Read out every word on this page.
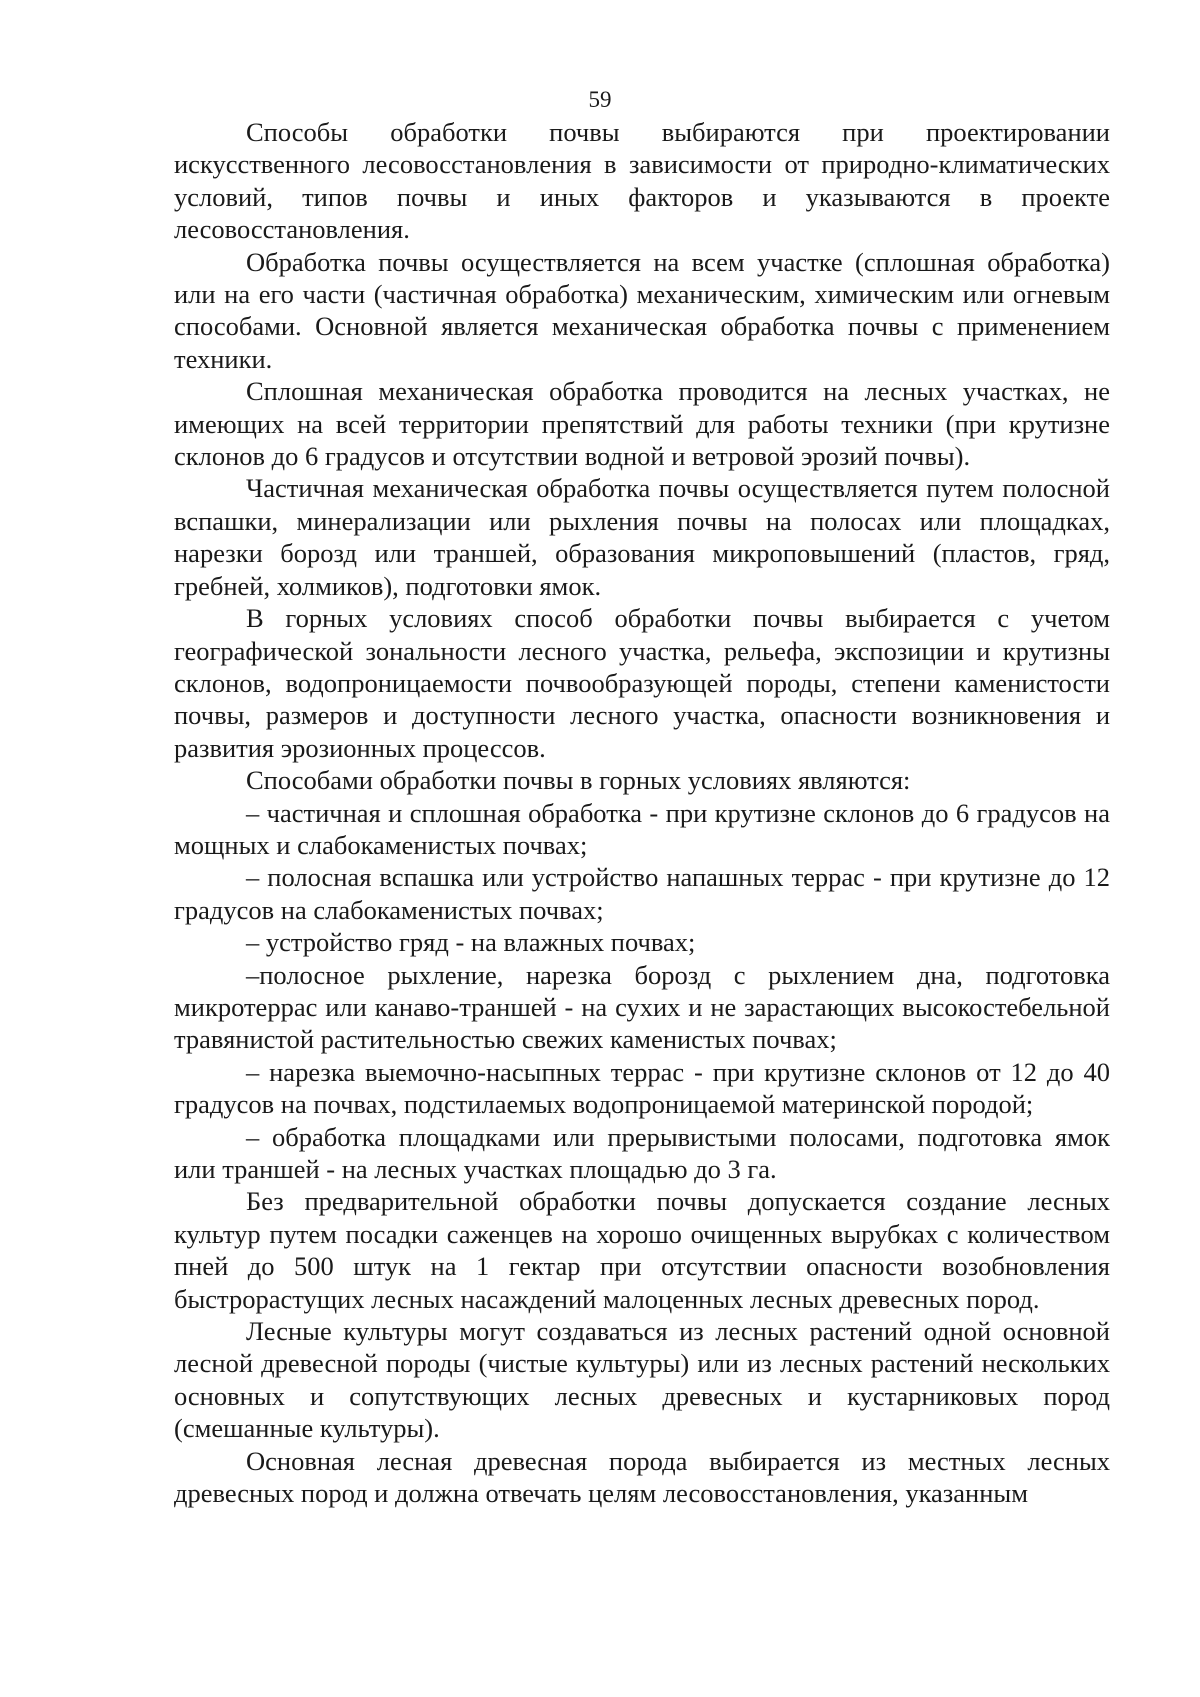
59

Способы обработки почвы выбираются при проектировании искусственного лесовосстановления в зависимости от природно-климатических условий, типов почвы и иных факторов и указываются в проекте лесовосстановления.

Обработка почвы осуществляется на всем участке (сплошная обработка) или на его части (частичная обработка) механическим, химическим или огневым способами. Основной является механическая обработка почвы с применением техники.

Сплошная механическая обработка проводится на лесных участках, не имеющих на всей территории препятствий для работы техники (при крутизне склонов до 6 градусов и отсутствии водной и ветровой эрозий почвы).

Частичная механическая обработка почвы осуществляется путем полосной вспашки, минерализации или рыхления почвы на полосах или площадках, нарезки борозд или траншей, образования микроповышений (пластов, гряд, гребней, холмиков), подготовки ямок.

В горных условиях способ обработки почвы выбирается с учетом географической зональности лесного участка, рельефа, экспозиции и крутизны склонов, водопроницаемости почвообразующей породы, степени каменистости почвы, размеров и доступности лесного участка, опасности возникновения и развития эрозионных процессов.

Способами обработки почвы в горных условиях являются:

– частичная и сплошная обработка - при крутизне склонов до 6 градусов на мощных и слабокаменистых почвах;

– полосная вспашка или устройство напашных террас - при крутизне до 12 градусов на слабокаменистых почвах;

– устройство гряд - на влажных почвах;

–полосное рыхление, нарезка борозд с рыхлением дна, подготовка микротеррас или канаво-траншей - на сухих и не зарастающих высокостебельной травянистой растительностью свежих каменистых почвах;

– нарезка выемочно-насыпных террас - при крутизне склонов от 12 до 40 градусов на почвах, подстилаемых водопроницаемой материнской породой;

– обработка площадками или прерывистыми полосами, подготовка ямок или траншей - на лесных участках площадью до 3 га.

Без предварительной обработки почвы допускается создание лесных культур путем посадки саженцев на хорошо очищенных вырубках с количеством пней до 500 штук на 1 гектар при отсутствии опасности возобновления быстрорастущих лесных насаждений малоценных лесных древесных пород.

Лесные культуры могут создаваться из лесных растений одной основной лесной древесной породы (чистые культуры) или из лесных растений нескольких основных и сопутствующих лесных древесных и кустарниковых пород (смешанные культуры).

Основная лесная древесная порода выбирается из местных лесных древесных пород и должна отвечать целям лесовосстановления, указанным
